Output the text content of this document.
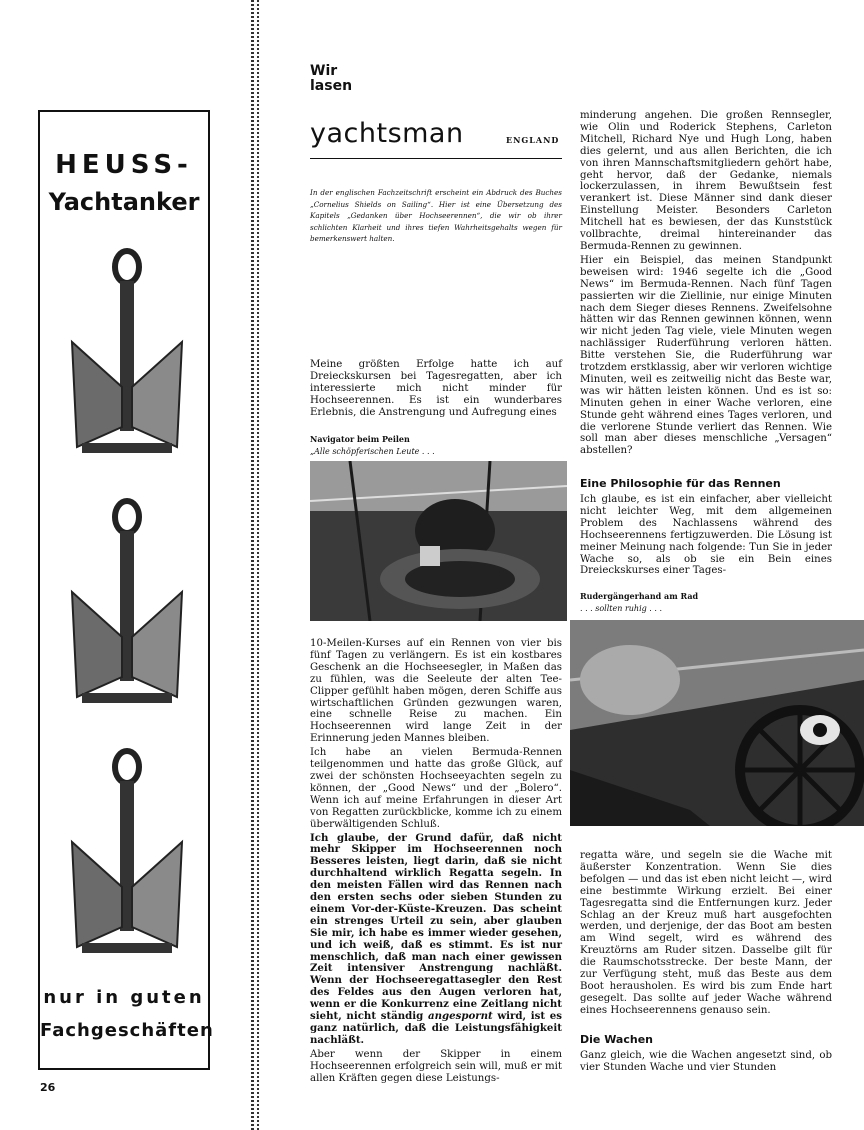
HEUSS-
Yachtanker
nur in guten
Fachgeschäften
26
Wir
lasen
yachtsman	ENGLAND
In der englischen Fachzeitschrift erscheint ein Abdruck des Buches „Cornelius Shields on Sailing“. Hier ist eine Übersetzung des Kapitels „Gedanken über Hochseerennen“, die wir ob ihrer schlichten Klarheit und ihres tiefen Wahrheitsgehalts wegen für bemerkenswert halten.
Meine größten Erfolge hatte ich auf Dreieckskursen bei Tagesregatten, aber ich interessierte mich nicht minder für Hochseerennen. Es ist ein wunderbares Erlebnis, die Anstrengung und Aufregung eines
Navigator beim Peilen
„Alle schöpferischen Leute . . .

10-Meilen-Kurses auf ein Rennen von vier bis fünf Tagen zu verlängern. Es ist ein kostbares Geschenk an die Hochseesegler, in Maßen das zu fühlen, was die Seeleute der alten Tee-Clipper gefühlt haben mögen, deren Schiffe aus wirtschaftlichen Gründen gezwungen waren, eine schnelle Reise zu machen. Ein Hochseerennen wird lange Zeit in der Erinnerung jeden Mannes bleiben.

Ich habe an vielen Bermuda-Rennen teilgenommen und hatte das große Glück, auf zwei der schönsten Hochseeyachten segeln zu können, der „Good News“ und der „Bolero“. Wenn ich auf meine Erfahrungen in dieser Art von Regatten zurückblicke, komme ich zu einem überwältigenden Schluß.

Ich glaube, der Grund dafür, daß nicht mehr Skipper im Hochseerennen noch Besseres leisten, liegt darin, daß sie nicht durchhaltend wirklich Regatta segeln. In den meisten Fällen wird das Rennen nach den ersten sechs oder sieben Stunden zu einem Vor-der-Küste-Kreuzen. Das scheint ein strenges Urteil zu sein, aber glauben Sie mir, ich habe es immer wieder gesehen, und ich weiß, daß es stimmt. Es ist nur menschlich, daß man nach einer gewissen Zeit intensiver Anstrengung nachläßt. Wenn der Hochseeregattasegler den Rest des Feldes aus den Augen verloren hat, wenn er die Konkurrenz eine Zeitlang nicht sieht, nicht ständig angespornt wird, ist es ganz natürlich, daß die Leistungsfähigkeit nachläßt.

Aber wenn der Skipper in einem Hochseerennen erfolgreich sein will, muß er mit allen Kräften gegen diese Leistungs-

minderung angehen. Die großen Rennsegler, wie Olin und Roderick Stephens, Carleton Mitchell, Richard Nye und Hugh Long, haben dies gelernt, und aus allen Berichten, die ich von ihren Mannschaftsmitgliedern gehört habe, geht hervor, daß der Gedanke, niemals lockerzulassen, in ihrem Bewußtsein fest verankert ist. Diese Männer sind dank dieser Einstellung Meister. Besonders Carleton Mitchell hat es bewiesen, der das Kunststück vollbrachte, dreimal hintereinander das Bermuda-Rennen zu gewinnen.

Hier ein Beispiel, das meinen Standpunkt beweisen wird: 1946 segelte ich die „Good News“ im Bermuda-Rennen. Nach fünf Tagen passierten wir die Ziellinie, nur einige Minuten nach dem Sieger dieses Rennens. Zweifelsohne hätten wir das Rennen gewinnen können, wenn wir nicht jeden Tag viele, viele Minuten wegen nachlässiger Ruderführung verloren hätten. Bitte verstehen Sie, die Ruderführung war trotzdem erstklassig, aber wir verloren wichtige Minuten, weil es zeitweilig nicht das Beste war, was wir hätten leisten können. Und es ist so: Minuten gehen in einer Wache verloren, eine Stunde geht während eines Tages verloren, und die verlorene Stunde verliert das Rennen. Wie soll man aber dieses menschliche „Versagen“ abstellen?

Eine Philosophie für das Rennen
Ich glaube, es ist ein einfacher, aber vielleicht nicht leichter Weg, mit dem allgemeinen Problem des Nachlassens während des Hochseerennens fertigzuwerden. Die Lösung ist meiner Meinung nach folgende: Tun Sie in jeder Wache so, als ob sie ein Bein eines Dreieckskurses einer Tages-
Rudergängerhand am Rad
. . . sollten ruhig . . .
regatta wäre, und segeln sie die Wache mit äußerster Konzentration. Wenn Sie dies befolgen — und das ist eben nicht leicht —, wird eine bestimmte Wirkung erzielt. Bei einer Tagesregatta sind die Entfernungen kurz. Jeder Schlag an der Kreuz muß hart ausgefochten werden, und derjenige, der das Boot am besten am Wind segelt, wird es während des Kreuztörns am Ruder sitzen. Dasselbe gilt für die Raumschotsstrecke. Der beste Mann, der zur Verfügung steht, muß das Beste aus dem Boot herausholen. Es wird bis zum Ende hart gesegelt. Das sollte auf jeder Wache während eines Hochseerennens genauso sein.
Die Wachen
Ganz gleich, wie die Wachen angesetzt sind, ob vier Stunden Wache und vier Stunden
